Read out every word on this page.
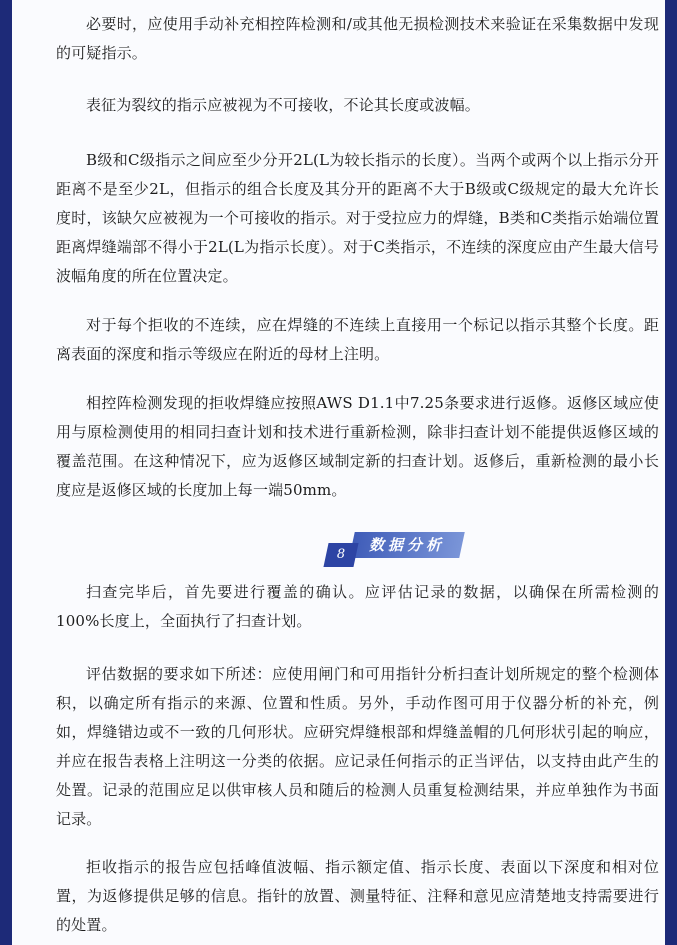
必要时，应使用手动补充相控阵检测和/或其他无损检测技术来验证在采集数据中发现的可疑指示。

表征为裂纹的指示应被视为不可接收，不论其长度或波幅。

B级和C级指示之间应至少分开2L(L为较长指示的长度）。当两个或两个以上指示分开距离不是至少2L，但指示的组合长度及其分开的距离不大于B级或C级规定的最大允许长度时，该缺欠应被视为一个可接收的指示。对于受拉应力的焊缝，B类和C类指示始端位置距离焊缝端部不得小于2L(L为指示长度）。对于C类指示，不连续的深度应由产生最大信号波幅角度的所在位置决定。

对于每个拒收的不连续，应在焊缝的不连续上直接用一个标记以指示其整个长度。距离表面的深度和指示等级应在附近的母材上注明。

相控阵检测发现的拒收焊缝应按照AWS D1.1中7.25条要求进行返修。返修区域应使用与原检测使用的相同扫查计划和技术进行重新检测，除非扫查计划不能提供返修区域的覆盖范围。在这种情况下，应为返修区域制定新的扫查计划。返修后，重新检测的最小长度应是返修区域的长度加上每一端50mm。

数据分析
8

扫查完毕后，首先要进行覆盖的确认。应评估记录的数据，以确保在所需检测的100%长度上，全面执行了扫查计划。

评估数据的要求如下所述：应使用闸门和可用指针分析扫查计划所规定的整个检测体积，以确定所有指示的来源、位置和性质。另外，手动作图可用于仪器分析的补充，例如，焊缝错边或不一致的几何形状。应研究焊缝根部和焊缝盖帽的几何形状引起的响应，并应在报告表格上注明这一分类的依据。应记录任何指示的正当评估，以支持由此产生的处置。记录的范围应足以供审核人员和随后的检测人员重复检测结果，并应单独作为书面记录。

拒收指示的报告应包括峰值波幅、指示额定值、指示长度、表面以下深度和相对位置，为返修提供足够的信息。指针的放置、测量特征、注释和意见应清楚地支持需要进行的处置。
